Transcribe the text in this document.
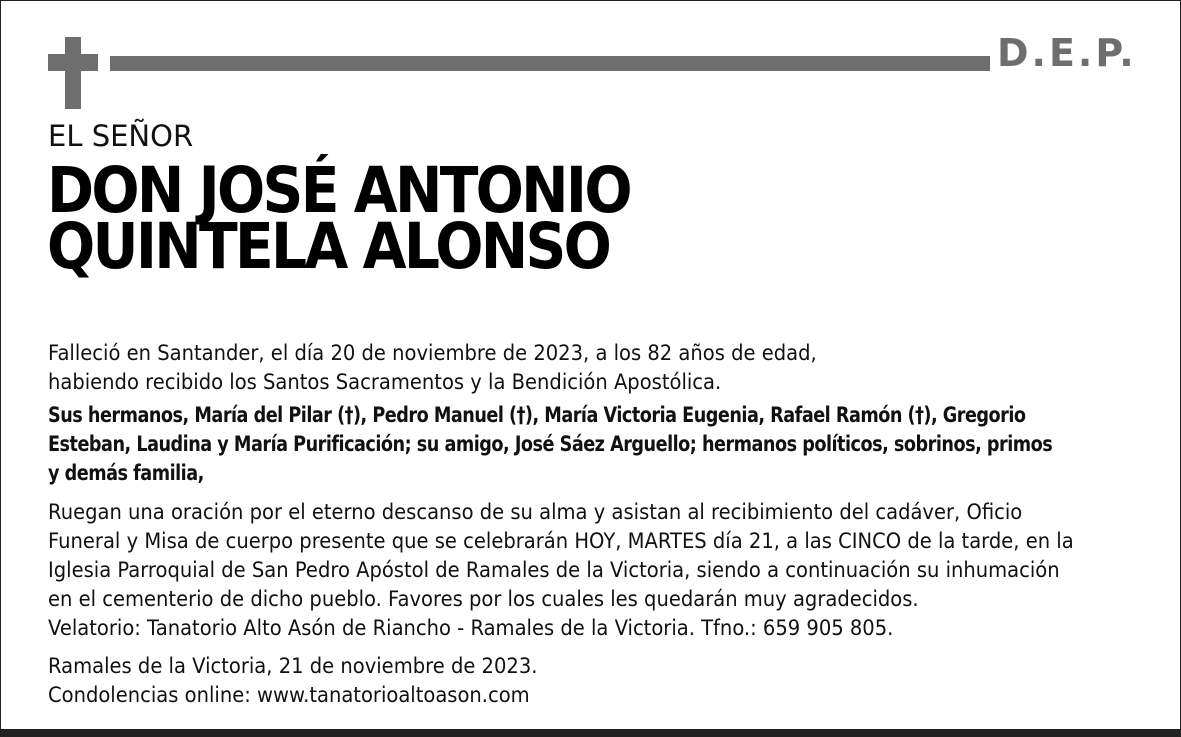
D.E.P.
EL SEÑOR
DON JOSÉ ANTONIO
QUINTELA ALONSO
Falleció en Santander, el día 20 de noviembre de 2023, a los 82 años de edad,
habiendo recibido los Santos Sacramentos y la Bendición Apostólica.
Sus hermanos, María del Pilar (†), Pedro Manuel (†), María Victoria Eugenia, Rafael Ramón (†), Gregorio
Esteban, Laudina y María Purificación; su amigo, José Sáez Arguello; hermanos políticos, sobrinos, primos
y demás familia,
Ruegan una oración por el eterno descanso de su alma y asistan al recibimiento del cadáver, Oficio
Funeral y Misa de cuerpo presente que se celebrarán HOY, MARTES día 21, a las CINCO de la tarde, en la
Iglesia Parroquial de San Pedro Apóstol de Ramales de la Victoria, siendo a continuación su inhumación
en el cementerio de dicho pueblo. Favores por los cuales les quedarán muy agradecidos.
Velatorio: Tanatorio Alto Asón de Riancho - Ramales de la Victoria. Tfno.: 659 905 805.
Ramales de la Victoria, 21 de noviembre de 2023.
Condolencias online: www.tanatorioaltoason.com
